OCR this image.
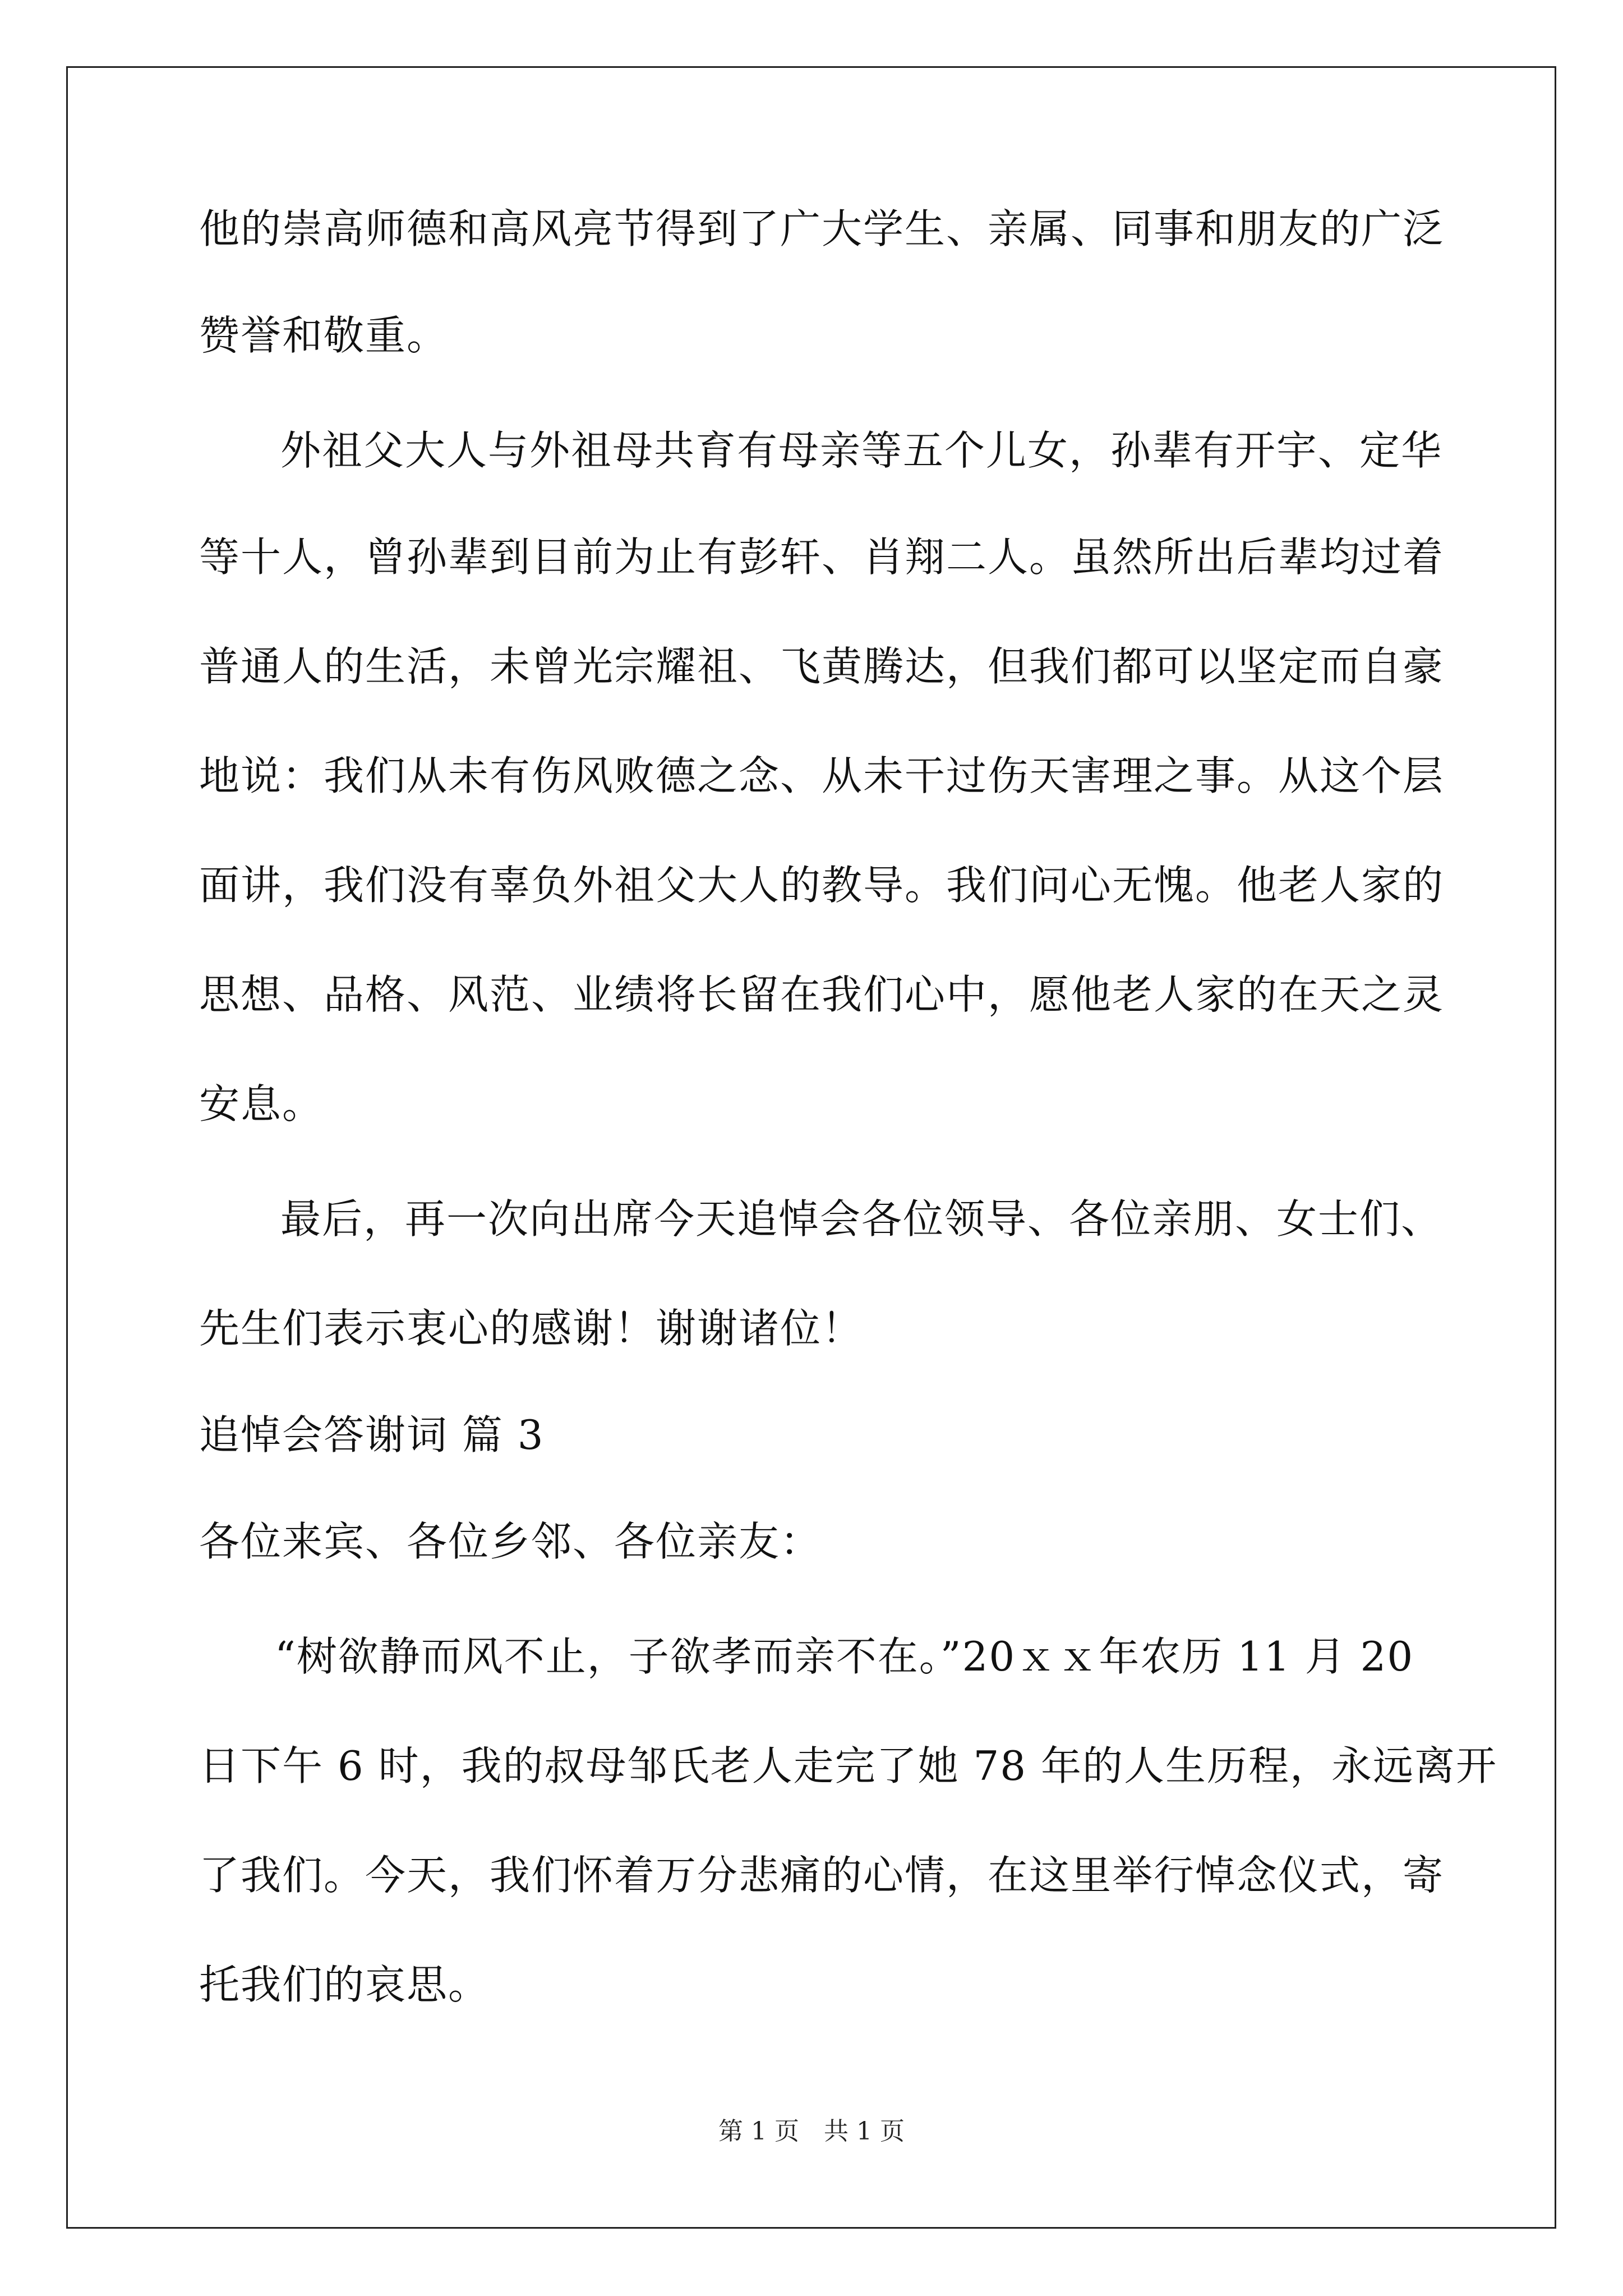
他的崇高师德和高风亮节得到了广大学生、亲属、同事和朋友的广泛
赞誉和敬重。
外祖父大人与外祖母共育有母亲等五个儿女，孙辈有开宇、定华
等十人，曾孙辈到目前为止有彭轩、肖翔二人。虽然所出后辈均过着
普通人的生活，未曾光宗耀祖、飞黄腾达，但我们都可以坚定而自豪
地说：我们从未有伤风败德之念、从未干过伤天害理之事。从这个层
面讲，我们没有辜负外祖父大人的教导。我们问心无愧。他老人家的
思想、品格、风范、业绩将长留在我们心中，愿他老人家的在天之灵
安息。
最后，再一次向出席今天追悼会各位领导、各位亲朋、女士们、
先生们表示衷心的感谢！谢谢诸位！
追悼会答谢词 篇 3
各位来宾、各位乡邻、各位亲友：
“树欲静而风不止，子欲孝而亲不在。”20ｘｘ年农历 11 月 20
日下午 6 时，我的叔母邹氏老人走完了她 78 年的人生历程，永远离开
了我们。今天，我们怀着万分悲痛的心情，在这里举行悼念仪式，寄
托我们的哀思。
第 1 页　共 1 页
